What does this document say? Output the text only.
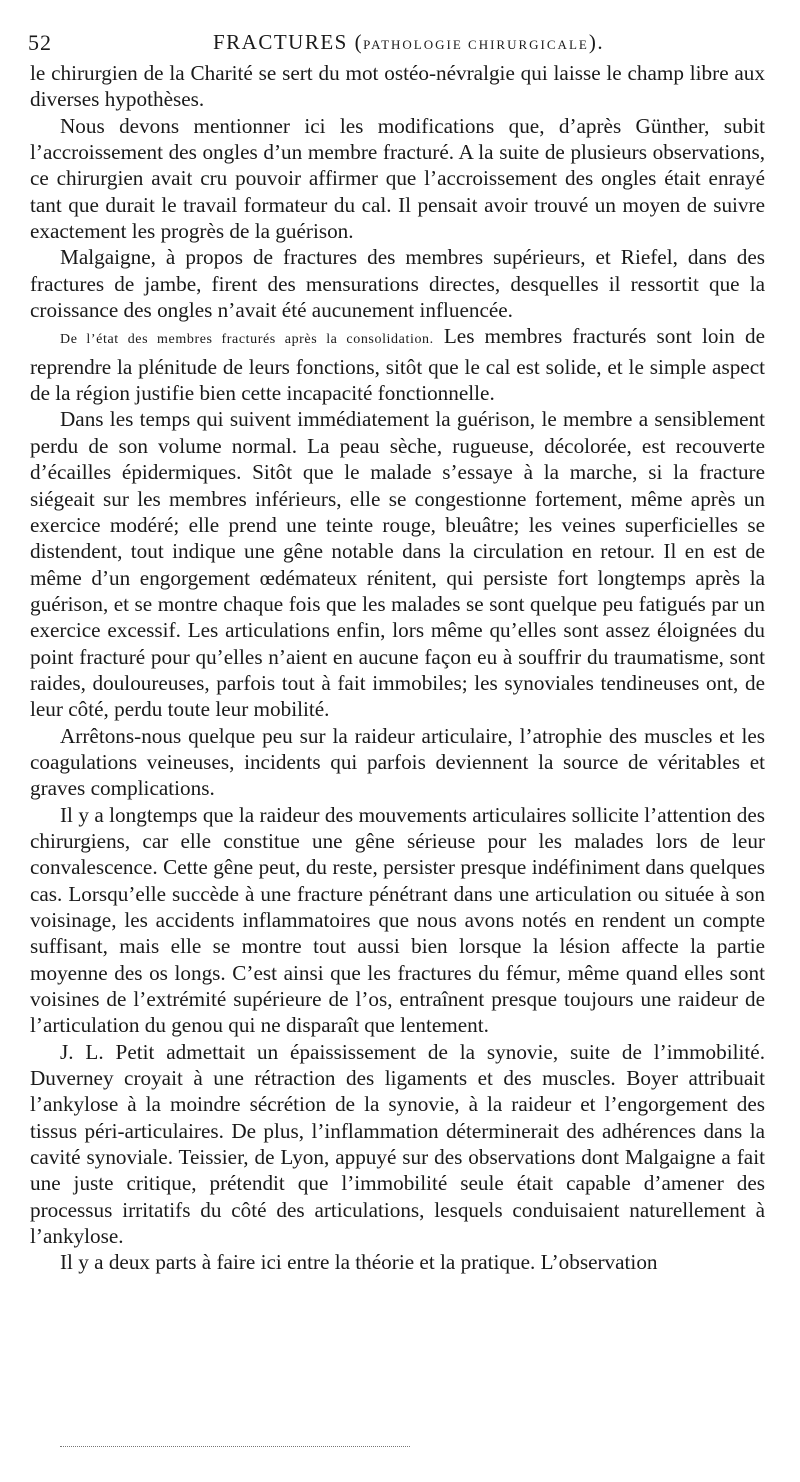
52	FRACTURES (PATHOLOGIE CHIRURGICALE).

le chirurgien de la Charité se sert du mot ostéo-névralgie qui laisse le champ libre aux diverses hypothèses.

Nous devons mentionner ici les modifications que, d’après Günther, subit l’accroissement des ongles d’un membre fracturé. A la suite de plusieurs observations, ce chirurgien avait cru pouvoir affirmer que l’accroissement des ongles était enrayé tant que durait le travail formateur du cal. Il pensait avoir trouvé un moyen de suivre exactement les progrès de la guérison.

Malgaigne, à propos de fractures des membres supérieurs, et Riefel, dans des fractures de jambe, firent des mensurations directes, desquelles il ressortit que la croissance des ongles n’avait été aucunement influencée.

De l’état des membres fracturés après la consolidation. Les membres fracturés sont loin de reprendre la plénitude de leurs fonctions, sitôt que le cal est solide, et le simple aspect de la région justifie bien cette incapacité fonctionnelle.

Dans les temps qui suivent immédiatement la guérison, le membre a sensiblement perdu de son volume normal. La peau sèche, rugueuse, décolorée, est recouverte d’écailles épidermiques. Sitôt que le malade s’essaye à la marche, si la fracture siégeait sur les membres inférieurs, elle se congestionne fortement, même après un exercice modéré; elle prend une teinte rouge, bleuâtre; les veines superficielles se distendent, tout indique une gêne notable dans la circulation en retour. Il en est de même d’un engorgement œdémateux rénitent, qui persiste fort longtemps après la guérison, et se montre chaque fois que les malades se sont quelque peu fatigués par un exercice excessif. Les articulations enfin, lors même qu’elles sont assez éloignées du point fracturé pour qu’elles n’aient en aucune façon eu à souffrir du traumatisme, sont raides, douloureuses, parfois tout à fait immobiles; les synoviales tendineuses ont, de leur côté, perdu toute leur mobilité.

Arrêtons-nous quelque peu sur la raideur articulaire, l’atrophie des muscles et les coagulations veineuses, incidents qui parfois deviennent la source de véritables et graves complications.

Il y a longtemps que la raideur des mouvements articulaires sollicite l’attention des chirurgiens, car elle constitue une gêne sérieuse pour les malades lors de leur convalescence. Cette gêne peut, du reste, persister presque indéfiniment dans quelques cas. Lorsqu’elle succède à une fracture pénétrant dans une articulation ou située à son voisinage, les accidents inflammatoires que nous avons notés en rendent un compte suffisant, mais elle se montre tout aussi bien lorsque la lésion affecte la partie moyenne des os longs. C’est ainsi que les fractures du fémur, même quand elles sont voisines de l’extrémité supérieure de l’os, entraînent presque toujours une raideur de l’articulation du genou qui ne disparaît que lentement.

J. L. Petit admettait un épaississement de la synovie, suite de l’immobilité. Duverney croyait à une rétraction des ligaments et des muscles. Boyer attribuait l’ankylose à la moindre sécrétion de la synovie, à la raideur et l’engorgement des tissus péri-articulaires. De plus, l’inflammation déterminerait des adhérences dans la cavité synoviale. Teissier, de Lyon, appuyé sur des observations dont Malgaigne a fait une juste critique, prétendit que l’immobilité seule était capable d’amener des processus irritatifs du côté des articulations, lesquels conduisaient naturellement à l’ankylose.

Il y a deux parts à faire ici entre la théorie et la pratique. L’observation
